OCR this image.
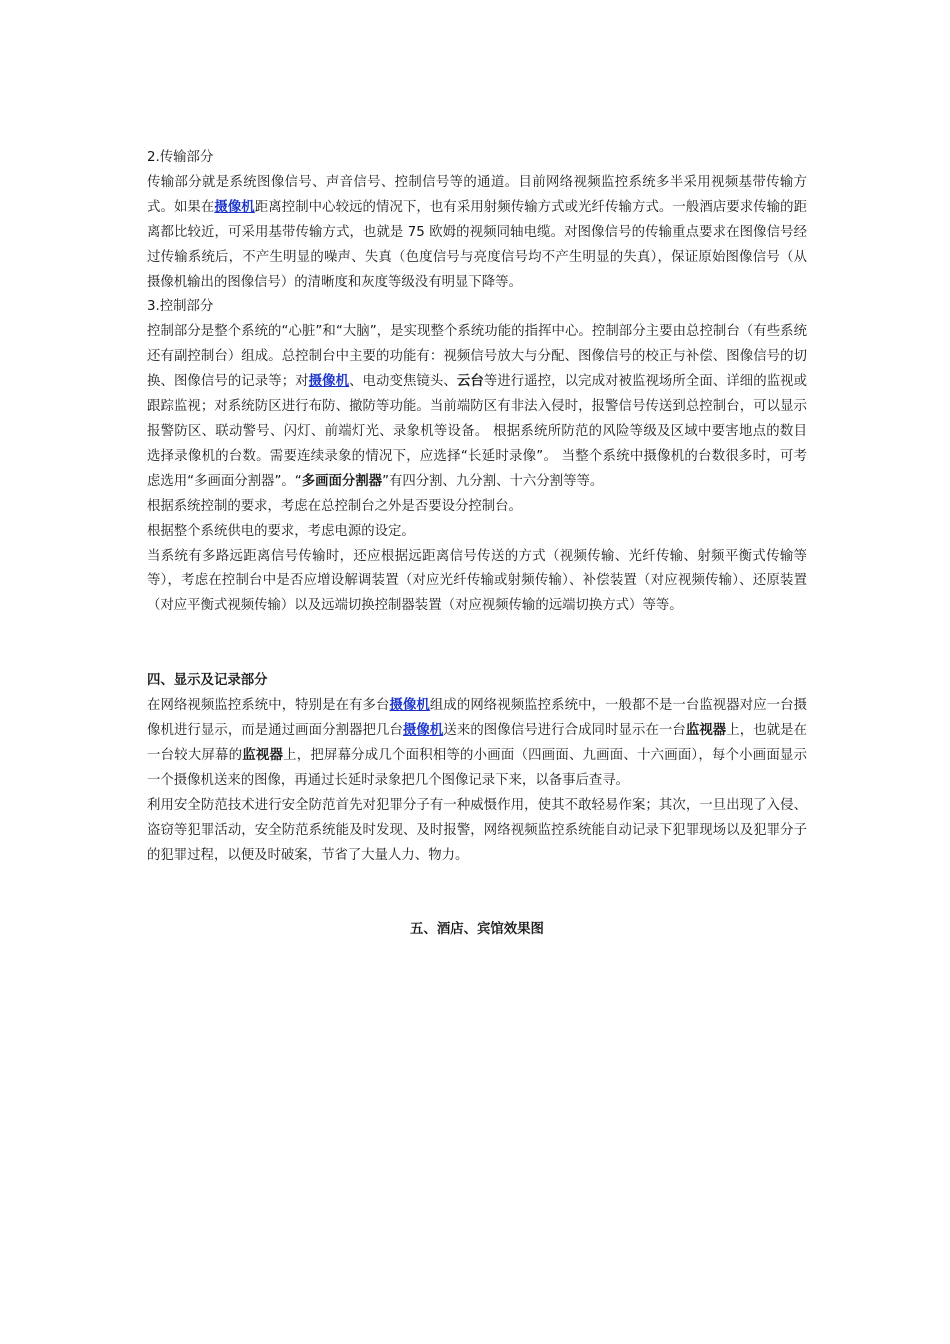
2.传输部分

传输部分就是系统图像信号、声音信号、控制信号等的通道。目前网络视频监控系统多半采用视频基带传输方式。如果在摄像机距离控制中心较远的情况下，也有采用射频传输方式或光纤传输方式。一般酒店要求传输的距离都比较近，可采用基带传输方式，也就是 75 欧姆的视频同轴电缆。对图像信号的传输重点要求在图像信号经过传输系统后，不产生明显的噪声、失真（色度信号与亮度信号均不产生明显的失真），保证原始图像信号（从摄像机输出的图像信号）的清晰度和灰度等级没有明显下降等。

3.控制部分

控制部分是整个系统的“心脏”和“大脑”，是实现整个系统功能的指挥中心。控制部分主要由总控制台（有些系统还有副控制台）组成。总控制台中主要的功能有：视频信号放大与分配、图像信号的校正与补偿、图像信号的切换、图像信号的记录等；对摄像机、电动变焦镜头、云台等进行遥控，以完成对被监视场所全面、详细的监视或跟踪监视；对系统防区进行布防、撤防等功能。当前端防区有非法入侵时，报警信号传送到总控制台，可以显示报警防区、联动警号、闪灯、前端灯光、录象机等设备。 根据系统所防范的风险等级及区域中要害地点的数目选择录像机的台数。需要连续录象的情况下，应选择“长延时录像”。 当整个系统中摄像机的台数很多时，可考虑选用“多画面分割器”。“多画面分割器”有四分割、九分割、十六分割等等。

根据系统控制的要求，考虑在总控制台之外是否要设分控制台。

根据整个系统供电的要求，考虑电源的设定。

当系统有多路远距离信号传输时，还应根据远距离信号传送的方式（视频传输、光纤传输、射频平衡式传输等等），考虑在控制台中是否应增设解调装置（对应光纤传输或射频传输）、补偿装置（对应视频传输）、还原装置（对应平衡式视频传输）以及远端切换控制器装置（对应视频传输的远端切换方式）等等。

四、显示及记录部分

在网络视频监控系统中，特别是在有多台摄像机组成的网络视频监控系统中，一般都不是一台监视器对应一台摄像机进行显示，而是通过画面分割器把几台摄像机送来的图像信号进行合成同时显示在一台监视器上，也就是在一台较大屏幕的监视器上，把屏幕分成几个面积相等的小画面（四画面、九画面、十六画面），每个小画面显示一个摄像机送来的图像，再通过长延时录象把几个图像记录下来，以备事后查寻。

利用安全防范技术进行安全防范首先对犯罪分子有一种威慑作用，使其不敢轻易作案；其次，一旦出现了入侵、盗窃等犯罪活动，安全防范系统能及时发现、及时报警，网络视频监控系统能自动记录下犯罪现场以及犯罪分子的犯罪过程，以便及时破案，节省了大量人力、物力。

五、酒店、宾馆效果图
